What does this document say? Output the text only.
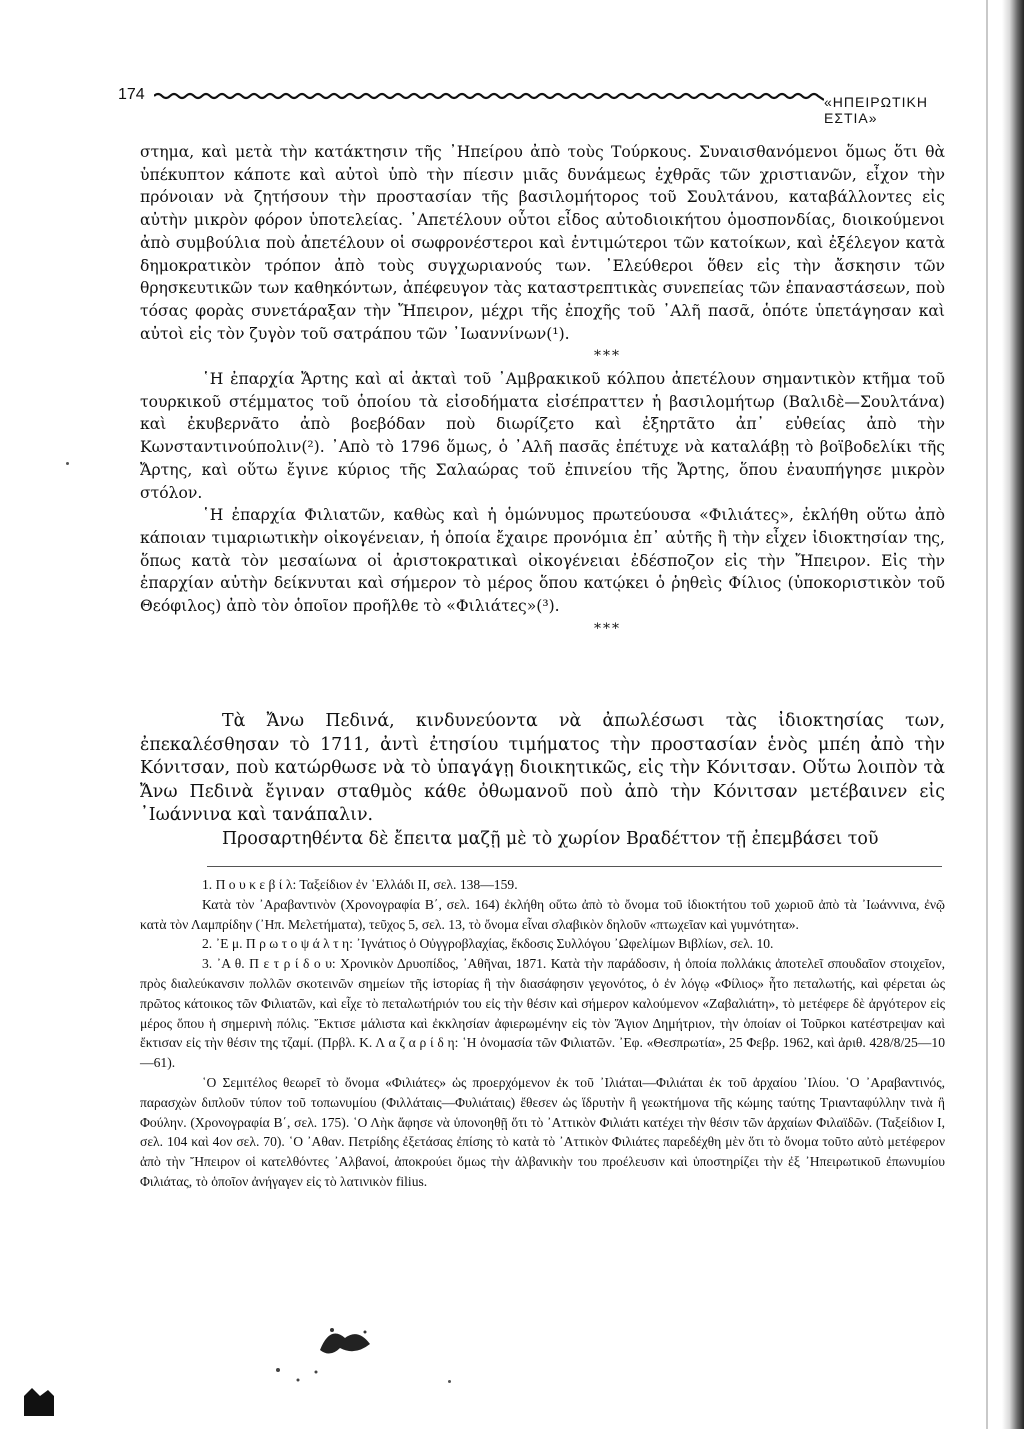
174	«ΗΠΕΙΡΩΤΙΚΗ ΕΣΤΙΑ»

στημα, καὶ μετὰ τὴν κατάκτησιν τῆς ᾿Ηπείρου ἀπὸ τοὺς Τούρκους. Συναισθανόμενοι ὅμως ὅτι θὰ ὑπέκυπτον κάποτε καὶ αὐτοὶ ὑπὸ τὴν πίεσιν μιᾶς δυνάμεως ἐχθρᾶς τῶν χριστιανῶν, εἶχον τὴν πρόνοιαν νὰ ζητήσουν τὴν προστασίαν τῆς βασιλομήτορος τοῦ Σουλτάνου, καταβάλλοντες εἰς αὐτὴν μικρὸν φόρον ὑποτελείας. ᾿Απετέλουν οὗτοι εἶδος αὐτοδιοικήτου ὁμοσπονδίας, διοικούμενοι ἀπὸ συμβούλια ποὺ ἀπετέλουν οἱ σωφρονέστεροι καὶ ἐντιμώτεροι τῶν κατοίκων, καὶ ἐξέλεγον κατὰ δημοκρατικὸν τρόπον ἀπὸ τοὺς συγχωριανούς των. ᾿Ελεύθεροι ὅθεν εἰς τὴν ἄσκησιν τῶν θρησκευτικῶν των καθηκόντων, ἀπέφευγον τὰς καταστρεπτικὰς συνεπείας τῶν ἐπαναστάσεων, ποὺ τόσας φορὰς συνετάραξαν τὴν Ἤπειρον, μέχρι τῆς ἐποχῆς τοῦ ᾿Αλῆ πασᾶ, ὁπότε ὑπετάγησαν καὶ αὐτοὶ εἰς τὸν ζυγὸν τοῦ σατράπου τῶν ᾿Ιωαννίνων(¹).

***

῾Η ἐπαρχία Ἄρτης καὶ αἱ ἀκταὶ τοῦ ᾿Αμβρακικοῦ κόλπου ἀπετέλουν σημαντικὸν κτῆμα τοῦ τουρκικοῦ στέμματος τοῦ ὁποίου τὰ εἰσοδήματα εἰσέπραττεν ἡ βασιλομήτωρ (Βαλιδὲ—Σουλτάνα) καὶ ἐκυβερνᾶτο ἀπὸ βοεβόδαν ποὺ διωρίζετο καὶ ἐξηρτᾶτο ἀπ᾿ εὐθείας ἀπὸ τὴν Κωνσταντινούπολιν(²). ᾿Απὸ τὸ 1796 ὅμως, ὁ ᾿Αλῆ πασᾶς ἐπέτυχε νὰ καταλάβῃ τὸ βοϊβοδελίκι τῆς Ἄρτης, καὶ οὕτω ἔγινε κύριος τῆς Σαλαώρας τοῦ ἐπινείου τῆς Ἄρτης, ὅπου ἐναυπήγησε μικρὸν στόλον.

῾Η ἐπαρχία Φιλιατῶν, καθὼς καὶ ἡ ὁμώνυμος πρωτεύουσα «Φιλιάτες», ἐκλήθη οὕτω ἀπὸ κάποιαν τιμαριωτικὴν οἰκογένειαν, ἡ ὁποία ἔχαιρε προνόμια ἐπ᾿ αὐτῆς ἢ τὴν εἶχεν ἰδιοκτησίαν της, ὅπως κατὰ τὸν μεσαίωνα οἱ ἀριστοκρατικαὶ οἰκογένειαι ἐδέσποζον εἰς τὴν Ἤπειρον. Εἰς τὴν ἐπαρχίαν αὐτὴν δείκνυται καὶ σήμερον τὸ μέρος ὅπου κατῴκει ὁ ῥηθεὶς Φίλιος (ὑποκοριστικὸν τοῦ Θεόφιλος) ἀπὸ τὸν ὁποῖον προῆλθε τὸ «Φιλιάτες»(³).

***

Τὰ Ἄνω Πεδινά, κινδυνεύοντα νὰ ἀπωλέσωσι τὰς ἰδιοκτησίας των, ἐπεκαλέσθησαν τὸ 1711, ἀντὶ ἐτησίου τιμήματος τὴν προστασίαν ἑνὸς μπέη ἀπὸ τὴν Κόνιτσαν, ποὺ κατώρθωσε νὰ τὸ ὑπαγάγῃ διοικητικῶς, εἰς τὴν Κόνιτσαν. Οὕτω λοιπὸν τὰ Ἄνω Πεδινὰ ἔγιναν σταθμὸς κάθε ὀθωμανοῦ ποὺ ἀπὸ τὴν Κόνιτσαν μετέβαινεν εἰς ᾿Ιωάννινα καὶ τανάπαλιν.

Προσαρτηθέντα δὲ ἔπειτα μαζῇ μὲ τὸ χωρίον Βραδέττον τῇ ἐπεμβάσει τοῦ

1. Π ο υ κ ε β ί λ: Ταξείδιον ἐν ῾Ελλάδι ΙΙ, σελ. 138—159.

Κατὰ τὸν ᾿Αραβαντινὸν (Χρονογραφία Β΄, σελ. 164) ἐκλήθη οὕτω ἀπὸ τὸ ὄνομα τοῦ ἰδιοκτήτου τοῦ χωριοῦ ἀπὸ τὰ ᾿Ιωάννινα, ἐνῷ κατὰ τὸν Λαμπρίδην (᾿Ηπ. Μελετήματα), τεῦχος 5, σελ. 13, τὸ ὄνομα εἶναι σλαβικὸν δηλοῦν «πτωχεῖαν καὶ γυμνότητα».

2. ᾿Ε μ. Π ρ ω τ ο ψ ά λ τ η: ᾿Ιγνάτιος ὁ Οὐγγροβλαχίας, ἔκδοσις Συλλόγου ᾿Ωφελίμων Βιβλίων, σελ. 10.

3. ᾿Α θ. Π ε τ ρ ί δ ο υ: Χρονικὸν Δρυοπίδος, ᾿Αθῆναι, 1871. Κατὰ τὴν παράδοσιν, ἡ ὁποία πολλάκις ἀποτελεῖ σπουδαῖον στοιχεῖον, πρὸς διαλεύκανσιν πολλῶν σκοτεινῶν σημείων τῆς ἱστορίας ἢ τὴν διασάφησιν γεγονότος, ὁ ἐν λόγῳ «Φίλιος» ἦτο πεταλωτής, καὶ φέρεται ὡς πρῶτος κάτοικος τῶν Φιλιατῶν, καὶ εἶχε τὸ πεταλωτήριόν του εἰς τὴν θέσιν καὶ σήμερον καλούμενον «Ζαβαλιάτη», τὸ μετέφερε δὲ ἀργότερον εἰς μέρος ὅπου ἡ σημερινὴ πόλις. Ἔκτισε μάλιστα καὶ ἐκκλησίαν ἀφιερωμένην εἰς τὸν Ἅγιον Δημήτριον, τὴν ὁποίαν οἱ Τοῦρκοι κατέστρεψαν καὶ ἔκτισαν εἰς τὴν θέσιν της τζαμί. (Πρβλ. Κ. Λ α ζ α ρ ί δ η: ῾Η ὀνομασία τῶν Φιλιατῶν. ᾿Εφ. «Θεσπρωτία», 25 Φεβρ. 1962, καὶ ἀριθ. 428/8/25—10—61).

῾Ο Σεμιτέλος θεωρεῖ τὸ ὄνομα «Φιλιάτες» ὡς προερχόμενον ἐκ τοῦ ᾿Ιλιάται—Φιλιάται ἐκ τοῦ ἀρχαίου ᾿Ιλίου. ῾Ο ᾿Αραβαντινός, παρασχὼν διπλοῦν τύπον τοῦ τοπωνυμίου (Φιλλάταις—Φυλιάταις) ἔθεσεν ὡς ἵδρυτὴν ἢ γεωκτήμονα τῆς κώμης ταύτης Τριανταφύλλην τινὰ ἢ Φούλην. (Χρονογραφία Β΄, σελ. 175). ῾Ο Λὴκ ἄφησε νὰ ὑπονοηθῇ ὅτι τὸ ᾿Αττικὸν Φιλιάτι κατέχει τὴν θέσιν τῶν ἀρχαίων Φιλαϊδῶν. (Ταξείδιον Ι, σελ. 104 καὶ 4ον σελ. 70). ῾Ο ᾿Αθαν. Πετρίδης ἐξετάσας ἐπίσης τὸ κατὰ τὸ ᾿Αττικὸν Φιλιάτες παρεδέχθη μὲν ὅτι τὸ ὄνομα τοῦτο αὐτὸ μετέφερον ἀπὸ τὴν Ἤπειρον οἱ κατελθόντες ᾿Αλβανοί, ἀποκρούει ὅμως τὴν ἀλβανικὴν του προέλευσιν καὶ ὑποστηρίζει τὴν ἐξ ᾿Ηπειρωτικοῦ ἐπωνυμίου Φιλιάτας, τὸ ὁποῖον ἀνήγαγεν εἰς τὸ λατινικὸν filius.
